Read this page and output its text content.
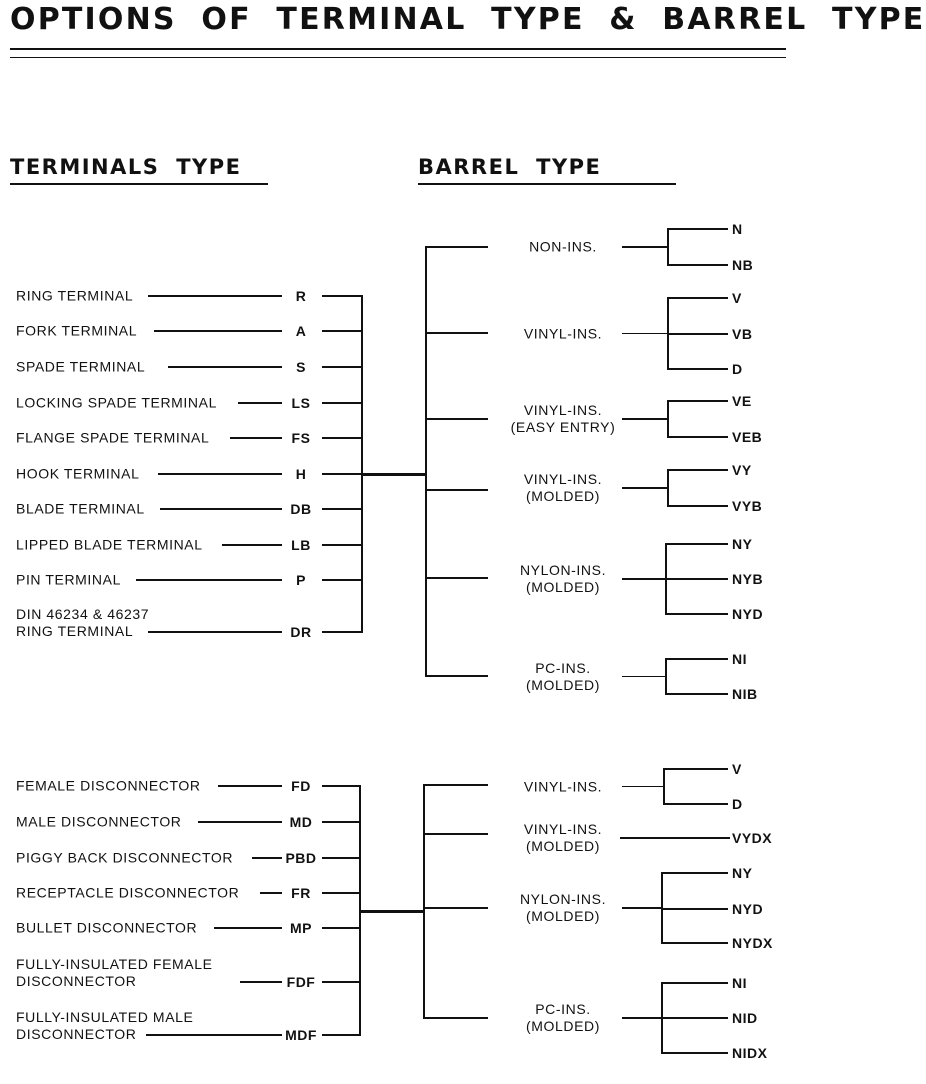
OPTIONS OF TERMINAL TYPE & BARREL TYPE
TERMINALS TYPE	BARREL TYPE
RING TERMINAL	R
FORK TERMINAL	A
SPADE TERMINAL	S
LOCKING SPADE TERMINAL	LS
FLANGE SPADE TERMINAL	FS
HOOK TERMINAL	H
BLADE TERMINAL	DB
LIPPED BLADE TERMINAL	LB
PIN TERMINAL	P
DIN 46234 & 46237
RING TERMINAL	DR
NON-INS.
N
NB
VINYL-INS.
V
VB
D
VINYL-INS.
(EASY ENTRY)
VE
VEB
VINYL-INS.
(MOLDED)
VY
VYB
NYLON-INS.
(MOLDED)
NY
NYB
NYD
PC-INS.
(MOLDED)
NI
NIB
FEMALE DISCONNECTOR	FD
MALE DISCONNECTOR	MD
PIGGY BACK DISCONNECTOR	PBD
RECEPTACLE DISCONNECTOR	FR
BULLET DISCONNECTOR	MP
FULLY-INSULATED FEMALE
DISCONNECTOR	FDF
FULLY-INSULATED MALE
DISCONNECTOR	MDF
VINYL-INS.
V
D
VINYL-INS.
(MOLDED)	VYDX
NYLON-INS.
(MOLDED)
NY
NYD
NYDX
PC-INS.
(MOLDED)
NI
NID
NIDX
